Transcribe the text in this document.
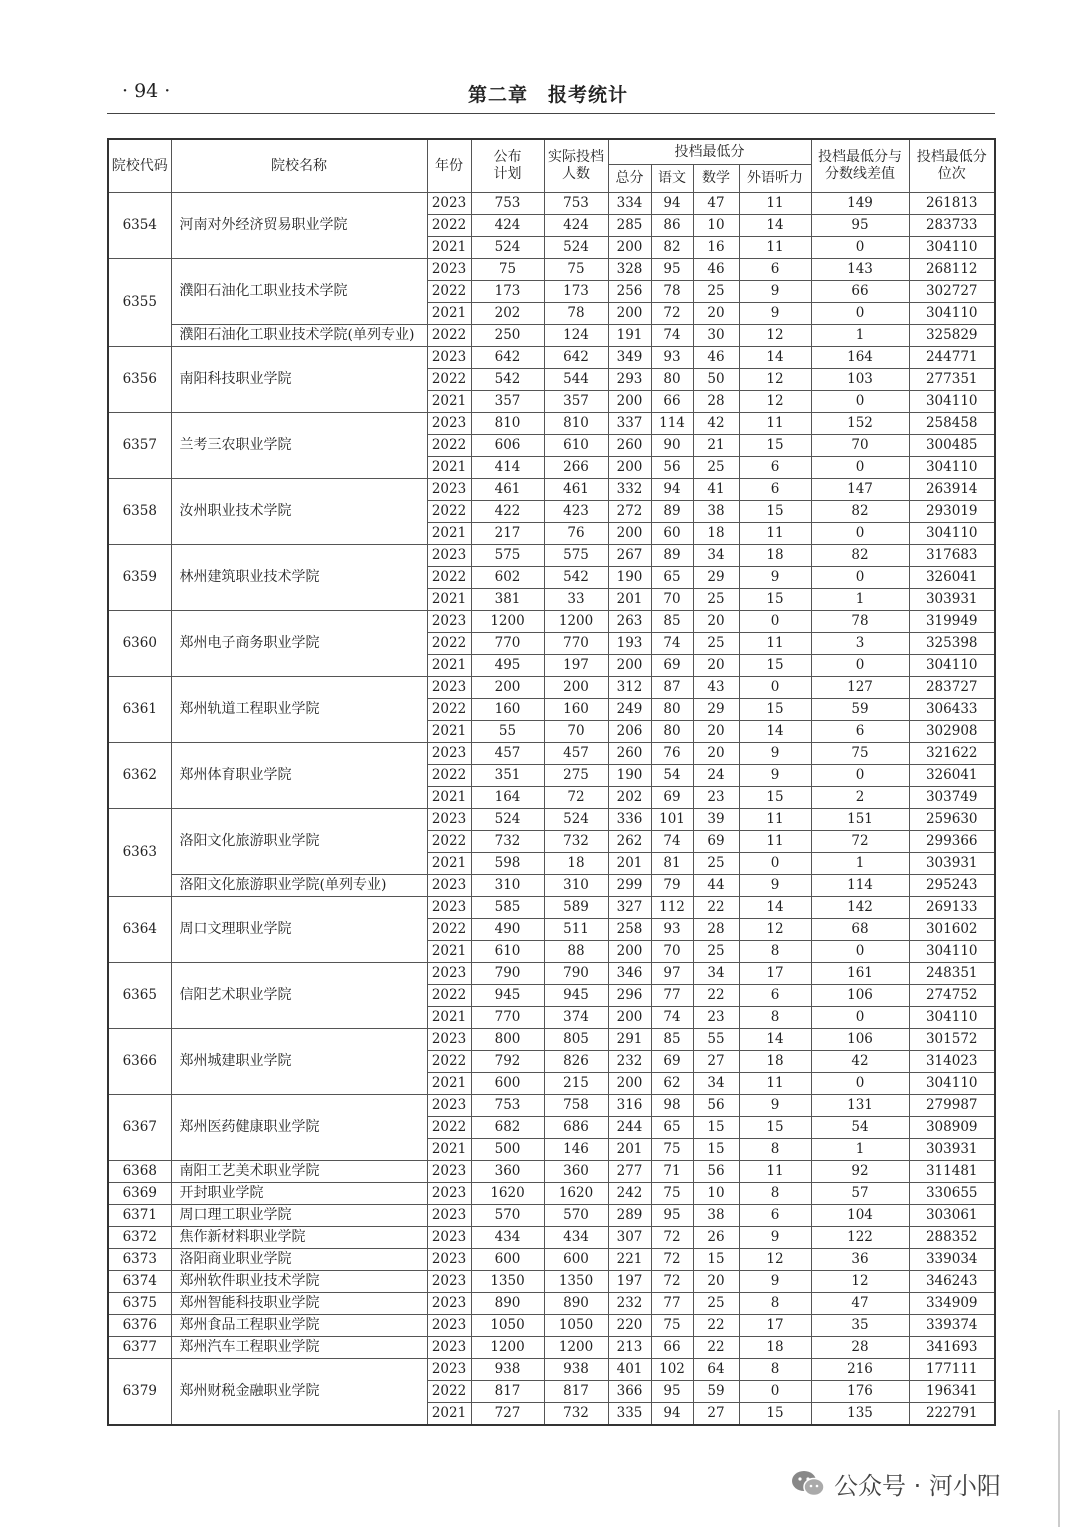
· 94 ·	第二章　报考统计
院校代码	院校名称	年份	公布计划	实际投档人数	投档最低分				投档最低分与分数线差值	投档最低分位次
					总分	语文	数学	外语听力		
6354	河南对外经济贸易职业学院	2023	753	753	334	94	47	11	149	261813
		2022	424	424	285	86	10	14	95	283733
		2021	524	524	200	82	16	11	0	304110
6355	濮阳石油化工职业技术学院	2023	75	75	328	95	46	6	143	268112
		2022	173	173	256	78	25	9	66	302727
		2021	202	78	200	72	20	9	0	304110
	濮阳石油化工职业技术学院(单列专业)	2022	250	124	191	74	30	12	1	325829
6356	南阳科技职业学院	2023	642	642	349	93	46	14	164	244771
		2022	542	544	293	80	50	12	103	277351
		2021	357	357	200	66	28	12	0	304110
6357	兰考三农职业学院	2023	810	810	337	114	42	11	152	258458
		2022	606	610	260	90	21	15	70	300485
		2021	414	266	200	56	25	6	0	304110
6358	汝州职业技术学院	2023	461	461	332	94	41	6	147	263914
		2022	422	423	272	89	38	15	82	293019
		2021	217	76	200	60	18	11	0	304110
6359	林州建筑职业技术学院	2023	575	575	267	89	34	18	82	317683
		2022	602	542	190	65	29	9	0	326041
		2021	381	33	201	70	25	15	1	303931
6360	郑州电子商务职业学院	2023	1200	1200	263	85	20	0	78	319949
		2022	770	770	193	74	25	11	3	325398
		2021	495	197	200	69	20	15	0	304110
6361	郑州轨道工程职业学院	2023	200	200	312	87	43	0	127	283727
		2022	160	160	249	80	29	15	59	306433
		2021	55	70	206	80	20	14	6	302908
6362	郑州体育职业学院	2023	457	457	260	76	20	9	75	321622
		2022	351	275	190	54	24	9	0	326041
		2021	164	72	202	69	23	15	2	303749
6363	洛阳文化旅游职业学院	2023	524	524	336	101	39	11	151	259630
		2022	732	732	262	74	69	11	72	299366
		2021	598	18	201	81	25	0	1	303931
	洛阳文化旅游职业学院(单列专业)	2023	310	310	299	79	44	9	114	295243
6364	周口文理职业学院	2023	585	589	327	112	22	14	142	269133
		2022	490	511	258	93	28	12	68	301602
		2021	610	88	200	70	25	8	0	304110
6365	信阳艺术职业学院	2023	790	790	346	97	34	17	161	248351
		2022	945	945	296	77	22	6	106	274752
		2021	770	374	200	74	23	8	0	304110
6366	郑州城建职业学院	2023	800	805	291	85	55	14	106	301572
		2022	792	826	232	69	27	18	42	314023
		2021	600	215	200	62	34	11	0	304110
6367	郑州医药健康职业学院	2023	753	758	316	98	56	9	131	279987
		2022	682	686	244	65	15	15	54	308909
		2021	500	146	201	75	15	8	1	303931
6368	南阳工艺美术职业学院	2023	360	360	277	71	56	11	92	311481
6369	开封职业学院	2023	1620	1620	242	75	10	8	57	330655
6371	周口理工职业学院	2023	570	570	289	95	38	6	104	303061
6372	焦作新材料职业学院	2023	434	434	307	72	26	9	122	288352
6373	洛阳商业职业学院	2023	600	600	221	72	15	12	36	339034
6374	郑州软件职业技术学院	2023	1350	1350	197	72	20	9	12	346243
6375	郑州智能科技职业学院	2023	890	890	232	77	25	8	47	334909
6376	郑州食品工程职业学院	2023	1050	1050	220	75	22	17	35	339374
6377	郑州汽车工程职业学院	2023	1200	1200	213	66	22	18	28	341693
6379	郑州财税金融职业学院	2023	938	938	401	102	64	8	216	177111
		2022	817	817	366	95	59	0	176	196341
		2021	727	732	335	94	27	15	135	222791
公众号 · 河小阳
